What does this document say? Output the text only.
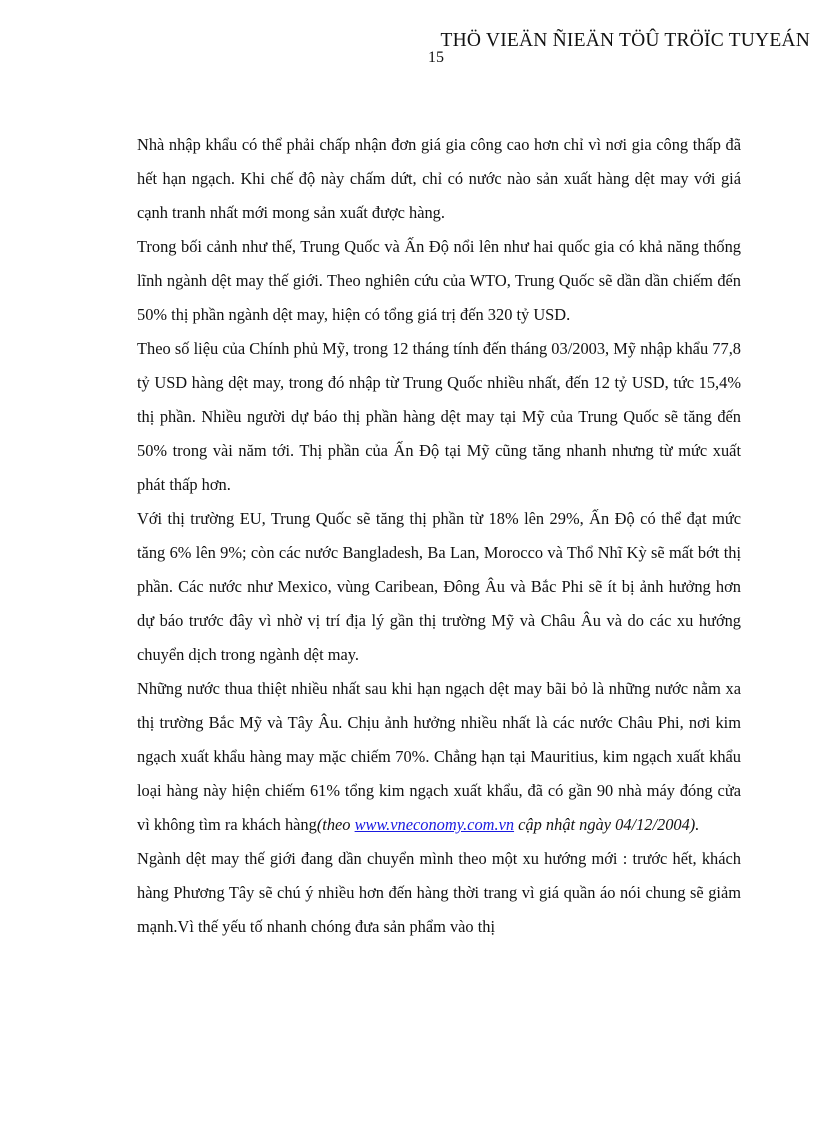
THÖ VIEÄN ÑIEÄN TÖÛ TRÖÏC TUYEÁN
15

Nhà nhập khẩu có thể phải chấp nhận đơn giá gia công cao hơn chỉ vì nơi gia công thấp đã hết hạn ngạch. Khi chế độ này chấm dứt, chỉ có nước nào sản xuất hàng dệt may với giá cạnh tranh nhất mới mong sản xuất được hàng.

Trong bối cảnh như thế, Trung Quốc và Ấn Độ nổi lên như hai quốc gia có khả năng thống lĩnh ngành dệt may thế giới. Theo nghiên cứu của WTO, Trung Quốc sẽ dần dần chiếm đến 50% thị phần ngành dệt may, hiện có tổng giá trị đến 320 tỷ USD.

Theo số liệu của Chính phủ Mỹ, trong 12 tháng tính đến tháng 03/2003, Mỹ nhập khẩu 77,8 tỷ USD hàng dệt may, trong đó nhập từ Trung Quốc nhiều nhất, đến 12 tỷ USD, tức 15,4% thị phần. Nhiều người dự báo thị phần hàng dệt may tại Mỹ của Trung Quốc sẽ tăng đến 50% trong vài năm tới. Thị phần của Ấn Độ tại Mỹ cũng tăng nhanh nhưng từ mức xuất phát thấp hơn.

Với thị trường EU, Trung Quốc sẽ tăng thị phần từ 18% lên 29%, Ấn Độ có thể đạt mức tăng 6% lên 9%; còn các nước Bangladesh, Ba Lan, Morocco và Thổ Nhĩ Kỳ sẽ mất bớt thị phần. Các nước như Mexico, vùng Caribean, Đông Âu và Bắc Phi sẽ ít bị ảnh hưởng hơn dự báo trước đây vì nhờ vị trí địa lý gần thị trường Mỹ và Châu Âu và do các xu hướng chuyển dịch trong ngành dệt may.

Những nước thua thiệt nhiều nhất sau khi hạn ngạch dệt may bãi bỏ là những nước nằm xa thị trường Bắc Mỹ và Tây Âu. Chịu ảnh hưởng nhiều nhất là các nước Châu Phi, nơi kim ngạch xuất khẩu hàng may mặc chiếm 70%. Chẳng hạn tại Mauritius, kim ngạch xuất khẩu loại hàng này hiện chiếm 61% tổng kim ngạch xuất khẩu, đã có gần 90 nhà máy đóng cửa vì không tìm ra khách hàng(theo www.vneconomy.com.vn cập nhật ngày 04/12/2004).

Ngành dệt may thế giới đang dần chuyển mình theo một xu hướng mới : trước hết, khách hàng Phương Tây sẽ chú ý nhiều hơn đến hàng thời trang vì giá quần áo nói chung sẽ giảm mạnh.Vì thế yếu tố nhanh chóng đưa sản phẩm vào thị
